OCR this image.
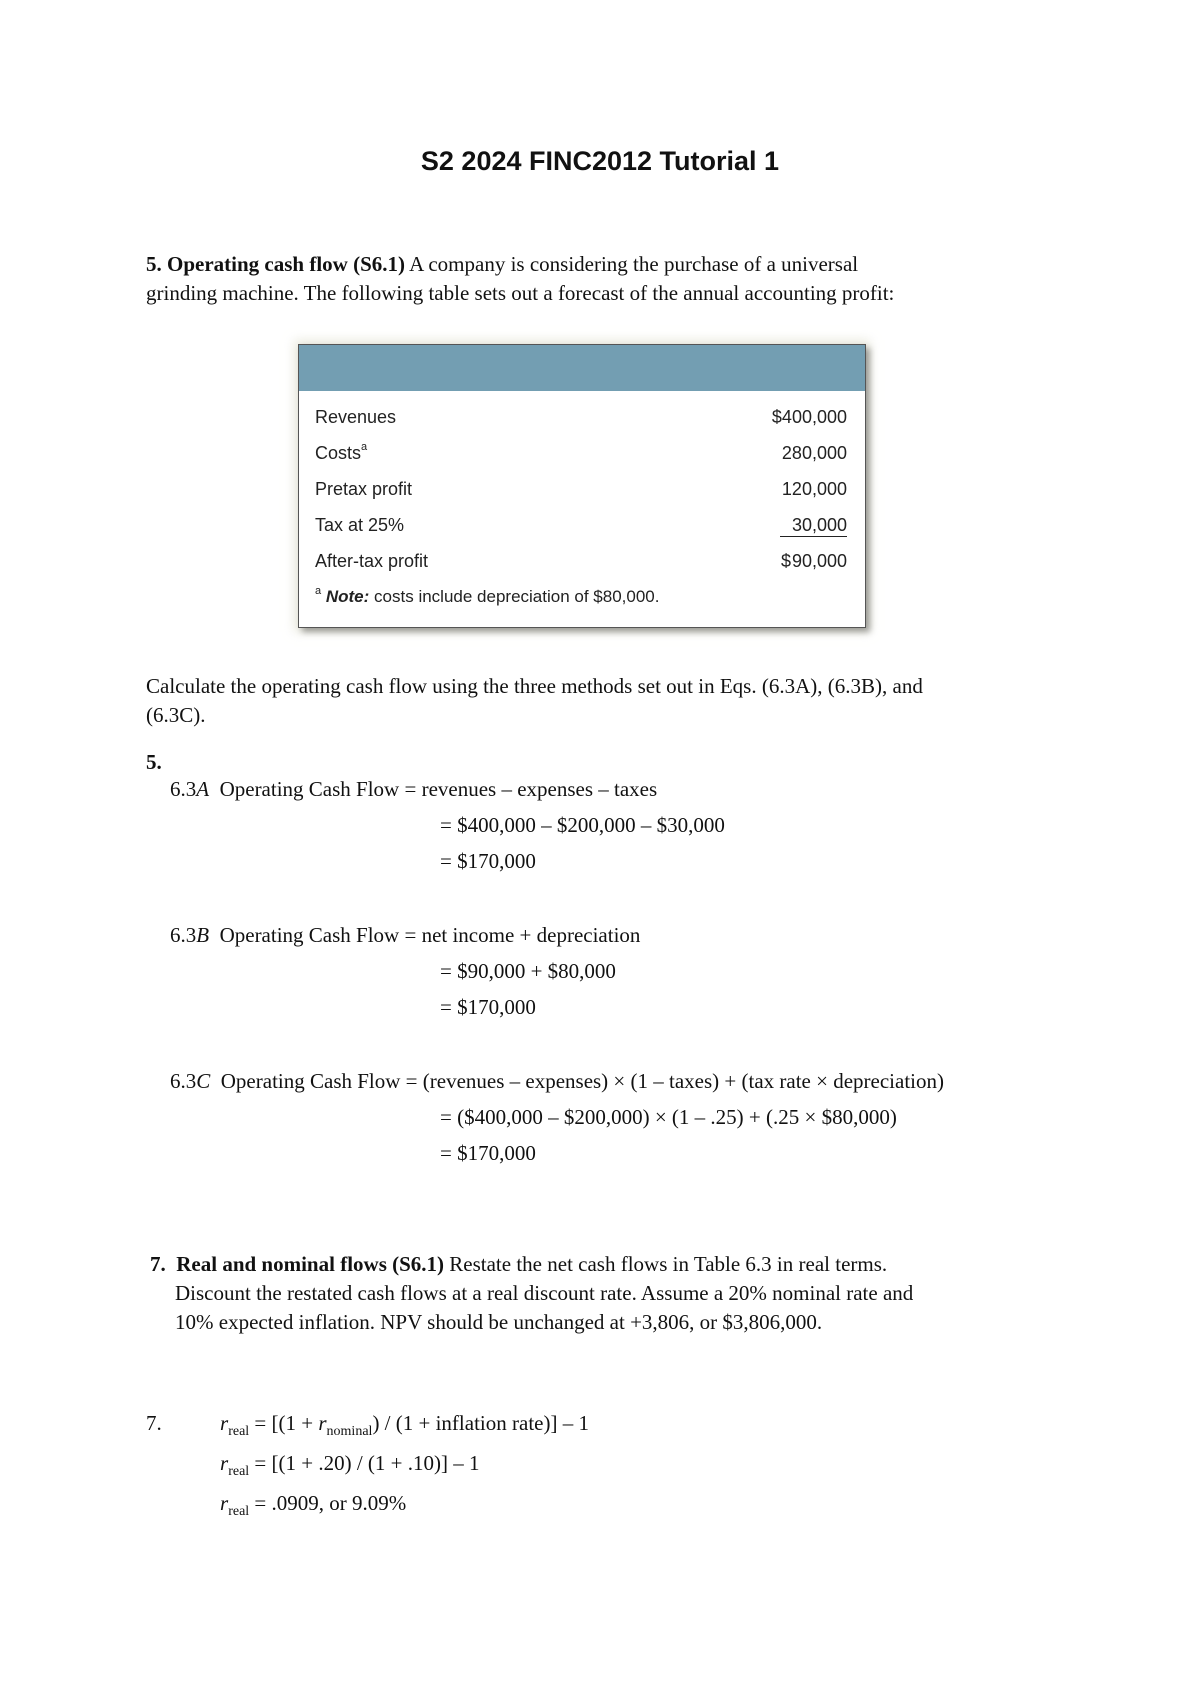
S2 2024 FINC2012 Tutorial 1
5. Operating cash flow (S6.1) A company is considering the purchase of a universal
grinding machine. The following table sets out a forecast of the annual accounting profit:
Revenues	$400,000
Costs$^a$	280,000
Pretax profit	120,000
Tax at 25%	30,000
After-tax profit	$ 90,000
$^a$ Note: costs include depreciation of $80,000.
Calculate the operating cash flow using the three methods set out in Eqs. (6.3A), (6.3B), and
(6.3C).
5.
6.3A Operating Cash Flow = revenues – expenses – taxes
= $400,000 – $200,000 – $30,000
= $170,000
6.3B Operating Cash Flow = net income + depreciation
= $90,000 + $80,000
= $170,000
6.3C Operating Cash Flow = (revenues – expenses) × (1 – taxes) + (tax rate × depreciation)
= ($400,000 – $200,000) × (1 – .25) + (.25 × $80,000)
= $170,000
7. Real and nominal flows (S6.1) Restate the net cash flows in Table 6.3 in real terms.
Discount the restated cash flows at a real discount rate. Assume a 20% nominal rate and
10% expected inflation. NPV should be unchanged at +3,806, or $3,806,000.
7.	$r_{real} = [(1 + r_{nominal}) / (1$ + inflation rate)] – 1
$r_{real} = [(1 + .20) / (1 + .10)] - 1$
$r_{real} = .0909$, or 9.09%
